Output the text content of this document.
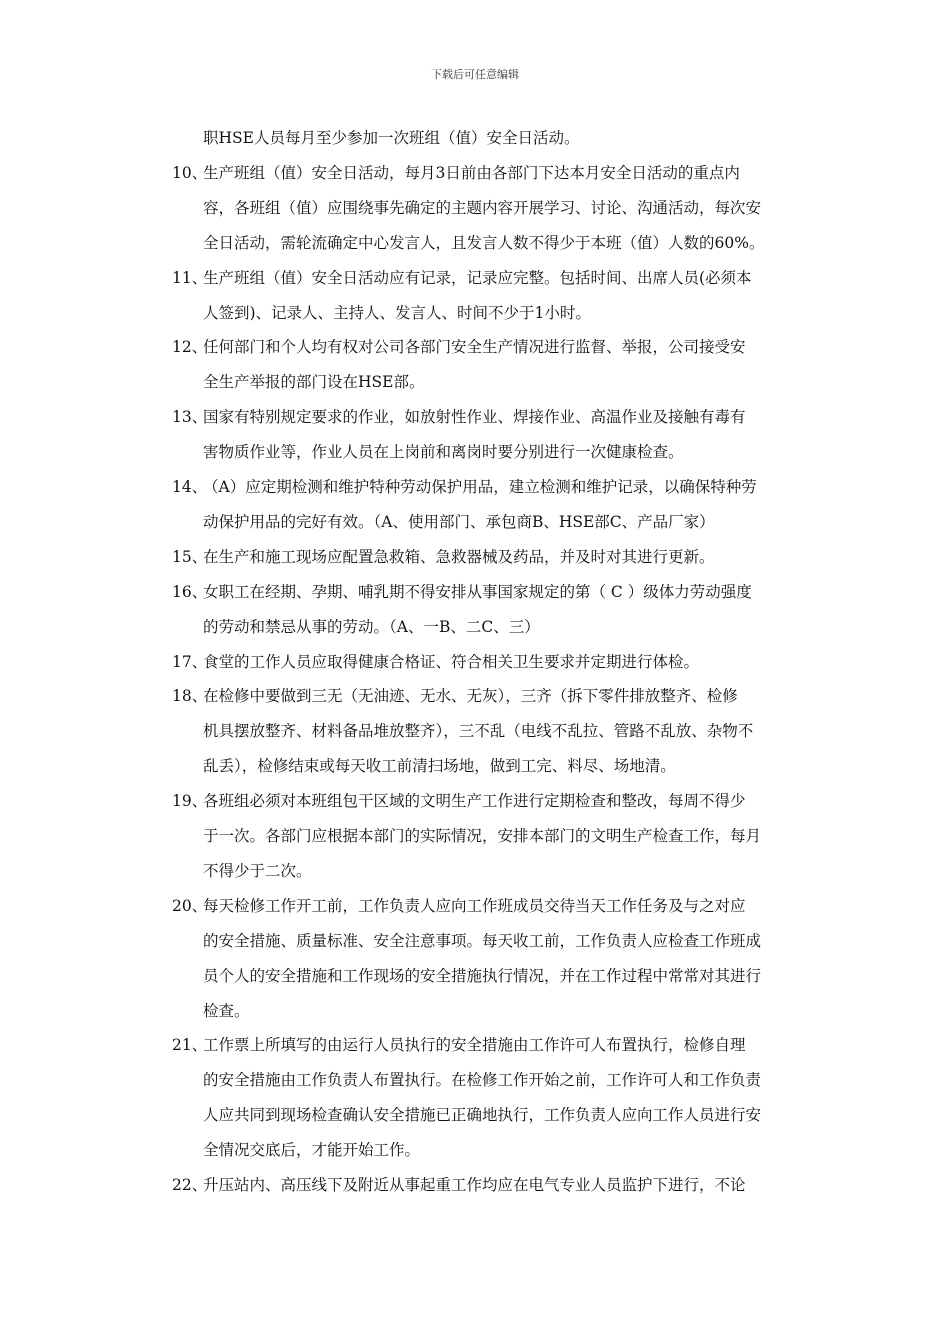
下载后可任意编辑
职HSE人员每月至少参加一次班组（值）安全日活动。
10、
生产班组（值）安全日活动，每月3日前由各部门下达本月安全日活动的重点内
容，各班组（值）应围绕事先确定的主题内容开展学习、讨论、沟通活动，每次安
全日活动，需轮流确定中心发言人，且发言人数不得少于本班（值）人数的60%。
11、
生产班组（值）安全日活动应有记录，记录应完整。包括时间、出席人员(必须本
人签到)、记录人、主持人、发言人、时间不少于1小时。
12、
任何部门和个人均有权对公司各部门安全生产情况进行监督、举报，公司接受安
全生产举报的部门设在HSE部。
13、
国家有特别规定要求的作业，如放射性作业、焊接作业、高温作业及接触有毒有
害物质作业等，作业人员在上岗前和离岗时要分别进行一次健康检查。
14、
（A）应定期检测和维护特种劳动保护用品，建立检测和维护记录，以确保特种劳
动保护用品的完好有效。（A、使用部门、承包商B、HSE部C、产品厂家）
15、
在生产和施工现场应配置急救箱、急救器械及药品，并及时对其进行更新。
16、
女职工在经期、孕期、哺乳期不得安排从事国家规定的第（ C ）级体力劳动强度
的劳动和禁忌从事的劳动。（A、一B、二C、三）
17、
食堂的工作人员应取得健康合格证、符合相关卫生要求并定期进行体检。
18、
在检修中要做到三无（无油迹、无水、无灰），三齐（拆下零件排放整齐、检修
机具摆放整齐、材料备品堆放整齐），三不乱（电线不乱拉、管路不乱放、杂物不
乱丢），检修结束或每天收工前清扫场地，做到工完、料尽、场地清。
19、
各班组必须对本班组包干区域的文明生产工作进行定期检查和整改，每周不得少
于一次。各部门应根据本部门的实际情况，安排本部门的文明生产检查工作，每月
不得少于二次。
20、
每天检修工作开工前，工作负责人应向工作班成员交待当天工作任务及与之对应
的安全措施、质量标准、安全注意事项。每天收工前，工作负责人应检查工作班成
员个人的安全措施和工作现场的安全措施执行情况，并在工作过程中常常对其进行
检查。
21、
工作票上所填写的由运行人员执行的安全措施由工作许可人布置执行，检修自理
的安全措施由工作负责人布置执行。在检修工作开始之前，工作许可人和工作负责
人应共同到现场检查确认安全措施已正确地执行，工作负责人应向工作人员进行安
全情况交底后，才能开始工作。
22、
升压站内、高压线下及附近从事起重工作均应在电气专业人员监护下进行，不论
